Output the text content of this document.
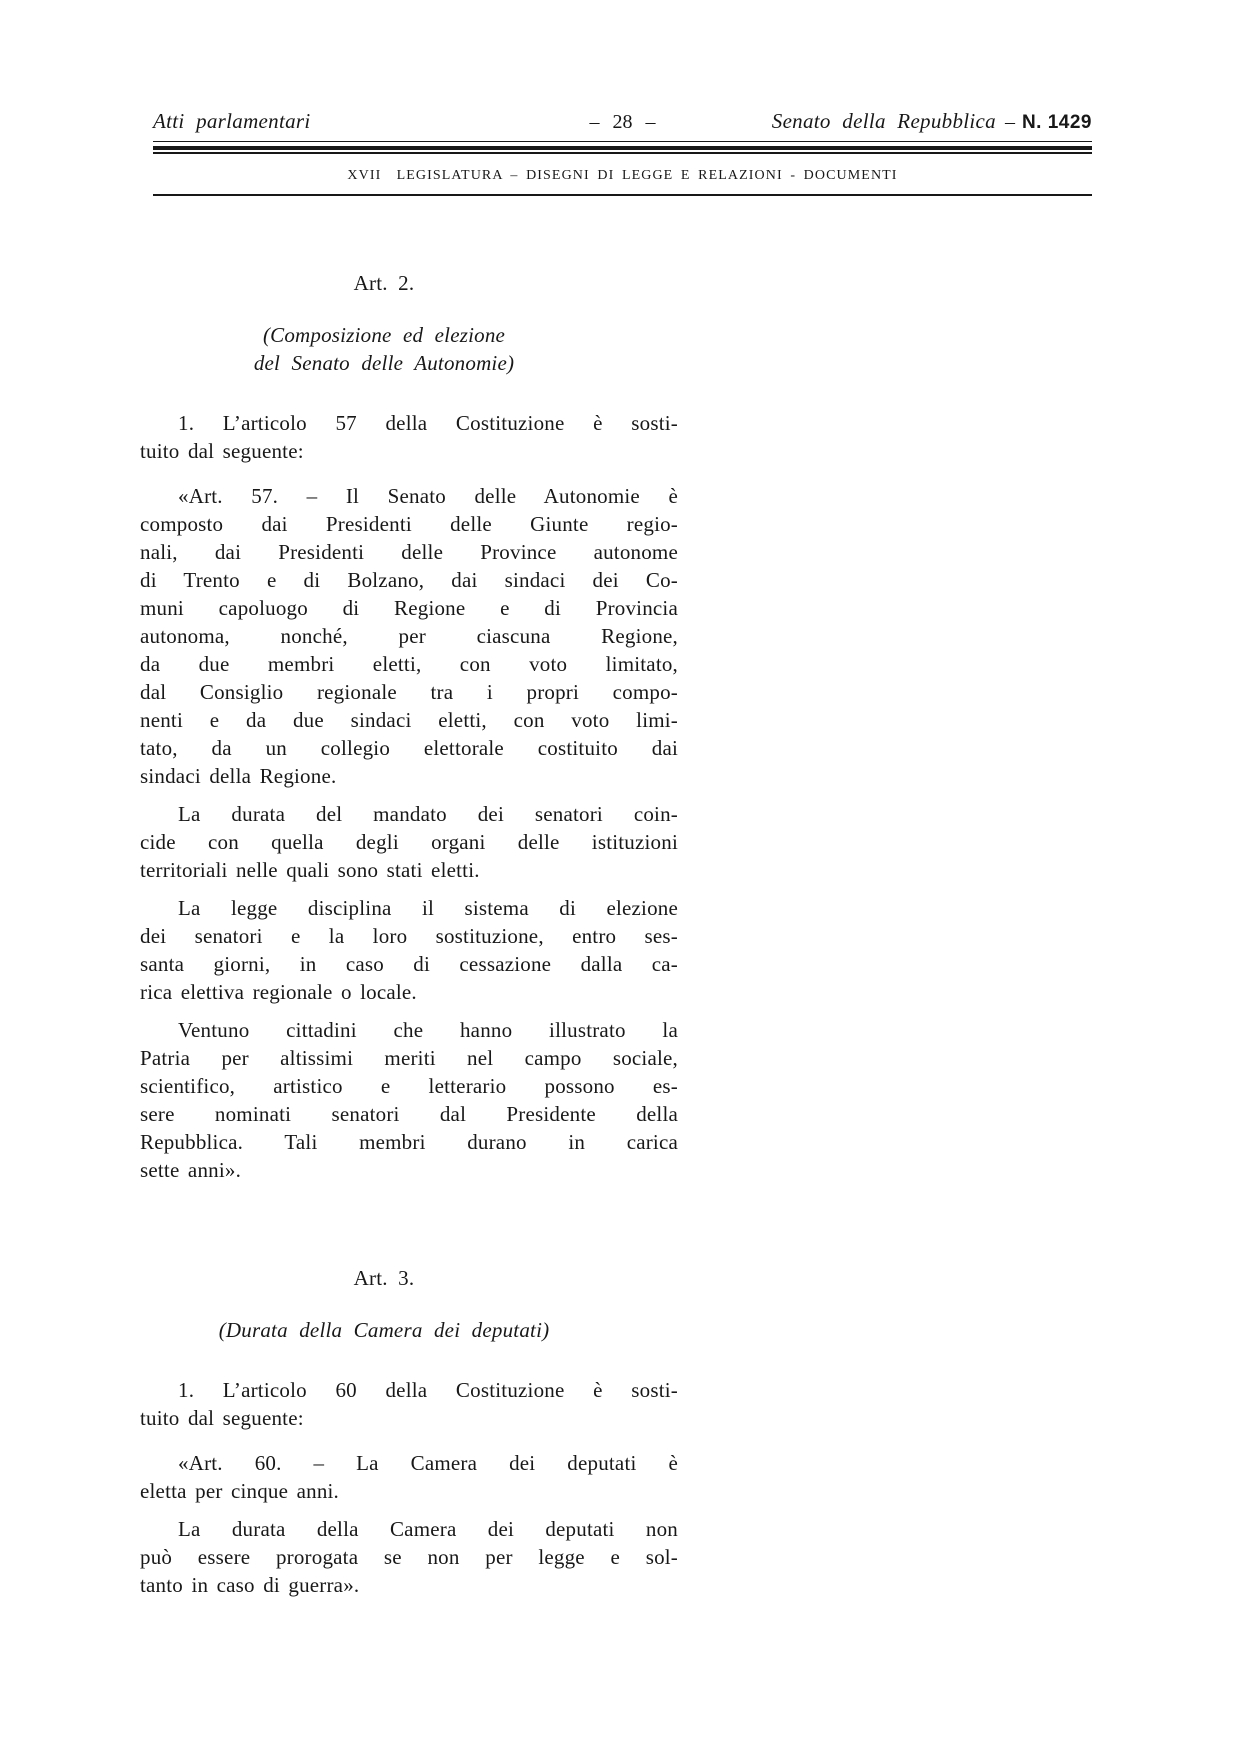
Atti parlamentari	– 28 –	Senato della Repubblica – N. 1429
XVII  LEGISLATURA – DISEGNI DI LEGGE E RELAZIONI - DOCUMENTI
Art. 2.
(Composizione ed elezione
del Senato delle Autonomie)

1. L’articolo 57 della Costituzione è sosti-
tuito dal seguente:

«Art. 57. – Il Senato delle Autonomie è
composto dai Presidenti delle Giunte regio-
nali, dai Presidenti delle Province autonome
di Trento e di Bolzano, dai sindaci dei Co-
muni capoluogo di Regione e di Provincia
autonoma, nonché, per ciascuna Regione,
da due membri eletti, con voto limitato,
dal Consiglio regionale tra i propri compo-
nenti e da due sindaci eletti, con voto limi-
tato, da un collegio elettorale costituito dai
sindaci della Regione.

La durata del mandato dei senatori coin-
cide con quella degli organi delle istituzioni
territoriali nelle quali sono stati eletti.

La legge disciplina il sistema di elezione
dei senatori e la loro sostituzione, entro ses-
santa giorni, in caso di cessazione dalla ca-
rica elettiva regionale o locale.

Ventuno cittadini che hanno illustrato la
Patria per altissimi meriti nel campo sociale,
scientifico, artistico e letterario possono es-
sere nominati senatori dal Presidente della
Repubblica. Tali membri durano in carica
sette anni».

Art. 3.
(Durata della Camera dei deputati)

1. L’articolo 60 della Costituzione è sosti-
tuito dal seguente:

«Art. 60. – La Camera dei deputati è
eletta per cinque anni.

La durata della Camera dei deputati non
può essere prorogata se non per legge e sol-
tanto in caso di guerra».
